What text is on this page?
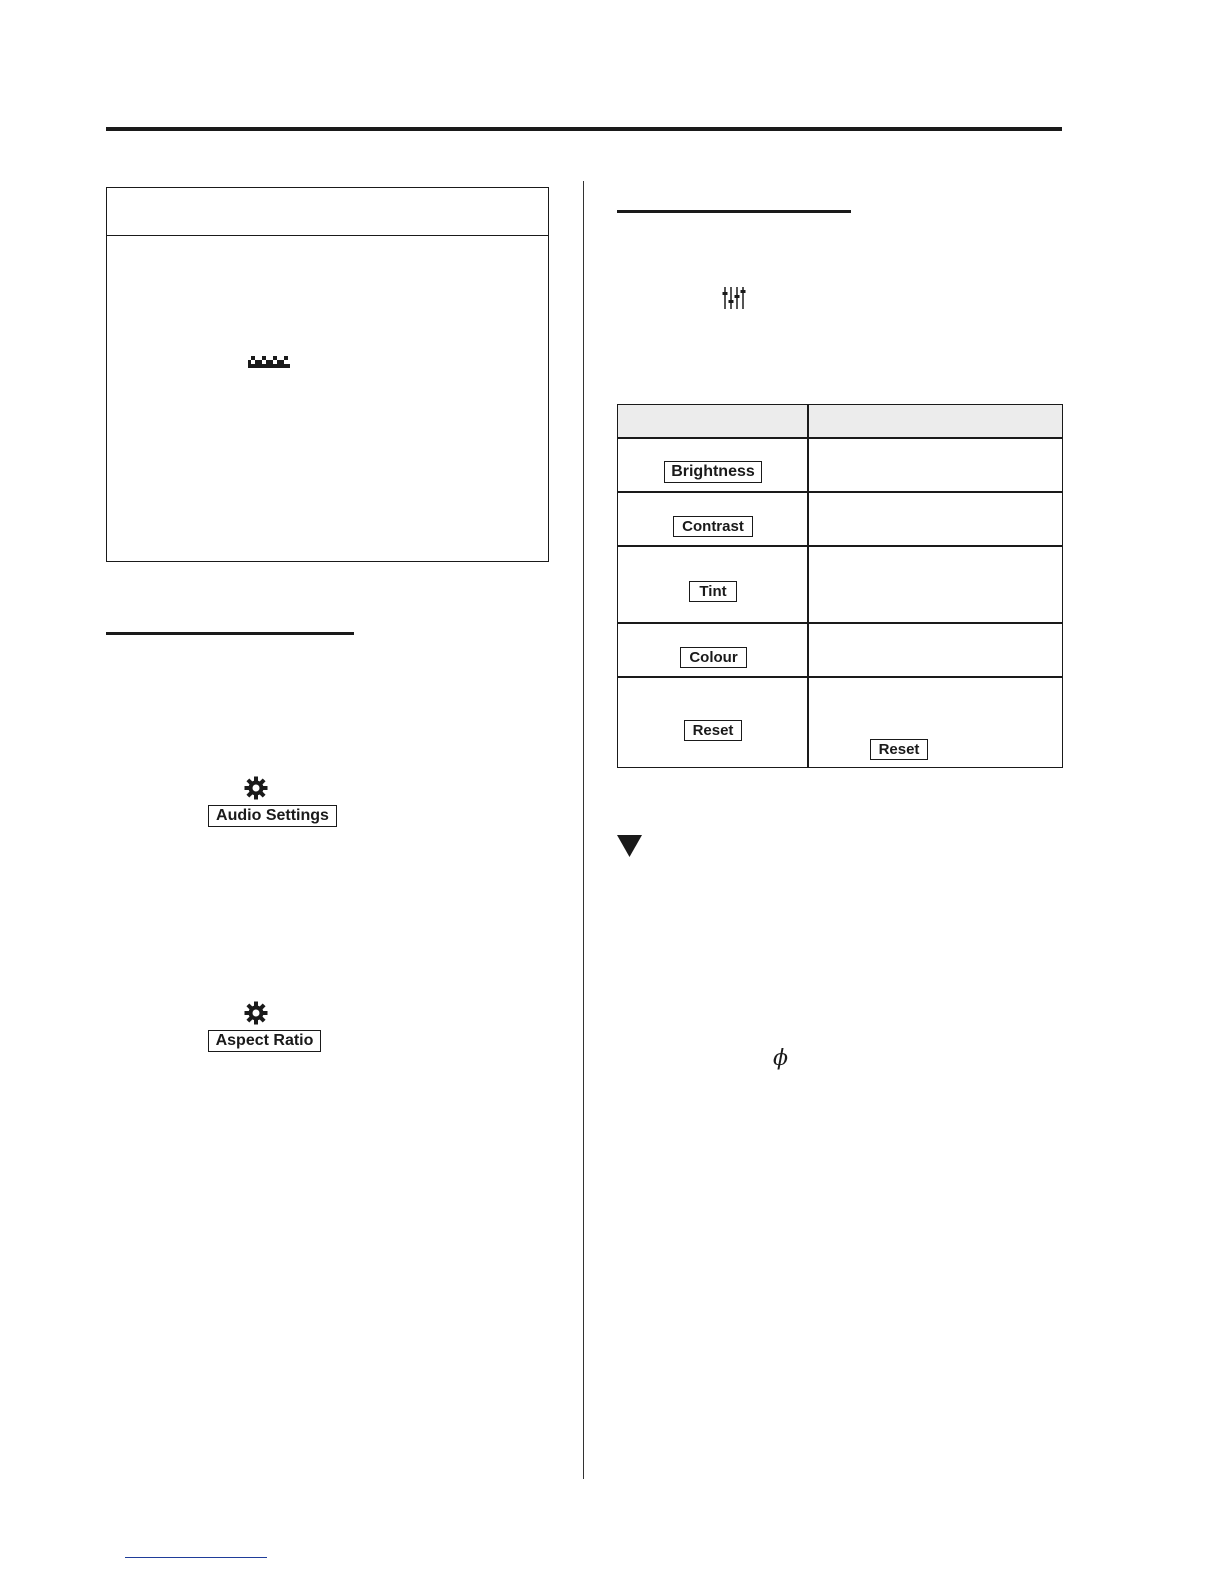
Audio Settings
Aspect Ratio
Brightness
Contrast
Tint
Colour
Reset
Reset
ϕ
